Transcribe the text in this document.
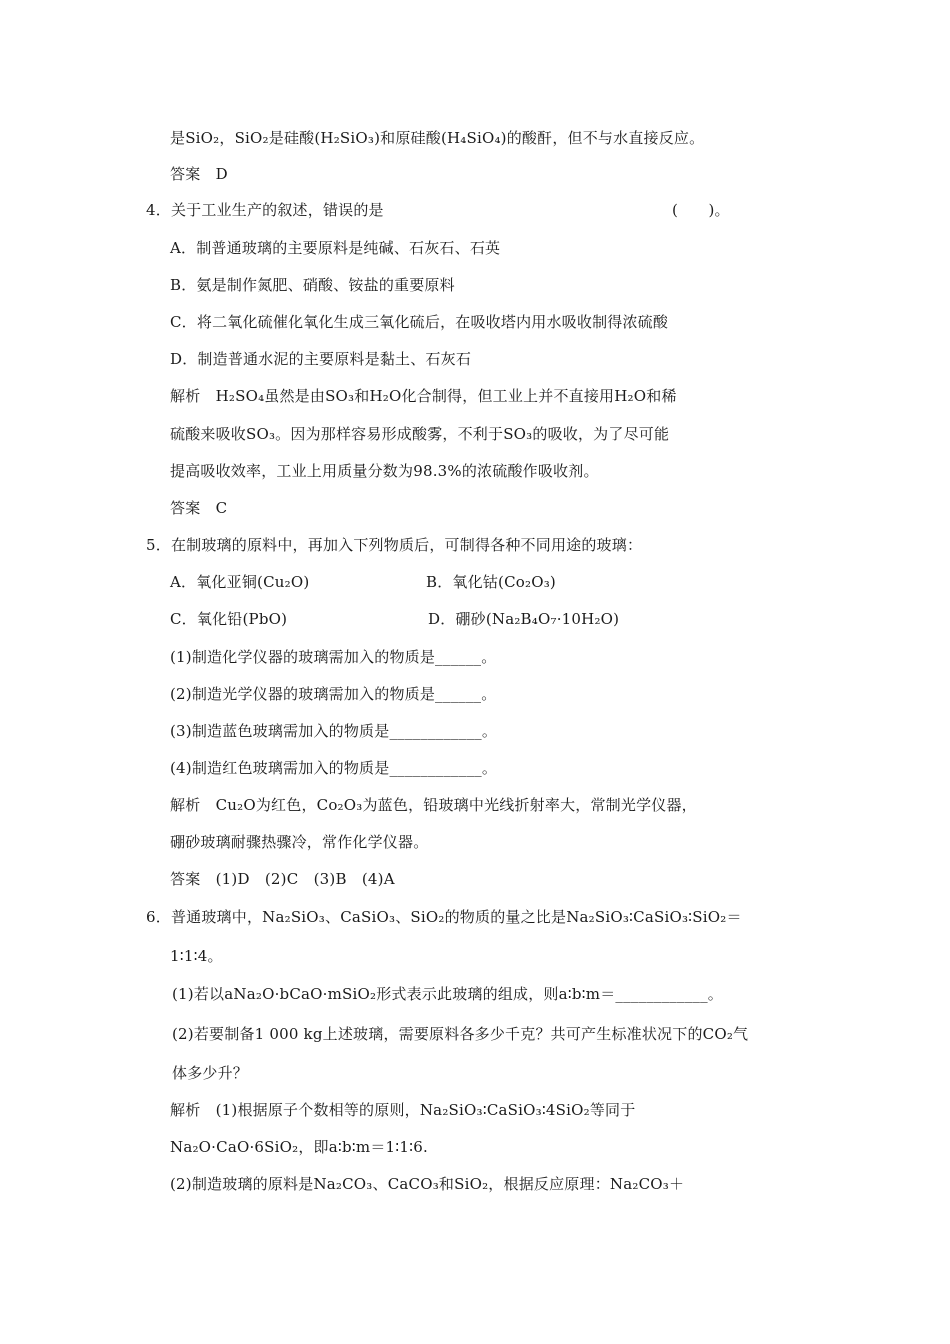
是SiO₂，SiO₂是硅酸(H₂SiO₃)和原硅酸(H₄SiO₄)的酸酐，但不与水直接反应。
答案　D
4．关于工业生产的叙述，错误的是	(　　)。
A．制普通玻璃的主要原料是纯碱、石灰石、石英
B．氨是制作氮肥、硝酸、铵盐的重要原料
C．将二氧化硫催化氧化生成三氧化硫后，在吸收塔内用水吸收制得浓硫酸
D．制造普通水泥的主要原料是黏土、石灰石
解析　H₂SO₄虽然是由SO₃和H₂O化合制得，但工业上并不直接用H₂O和稀
硫酸来吸收SO₃。因为那样容易形成酸雾，不利于SO₃的吸收，为了尽可能
提高吸收效率，工业上用质量分数为98.3%的浓硫酸作吸收剂。
答案　C
5．在制玻璃的原料中，再加入下列物质后，可制得各种不同用途的玻璃：
A．氧化亚铜(Cu₂O)	B．氧化钴(Co₂O₃)
C．氧化铅(PbO)	D．硼砂(Na₂B₄O₇·10H₂O)
(1)制造化学仪器的玻璃需加入的物质是______。
(2)制造光学仪器的玻璃需加入的物质是______。
(3)制造蓝色玻璃需加入的物质是____________。
(4)制造红色玻璃需加入的物质是____________。
解析　Cu₂O为红色，Co₂O₃为蓝色，铅玻璃中光线折射率大，常制光学仪器，
硼砂玻璃耐骤热骤冷，常作化学仪器。
答案　(1)D　(2)C　(3)B　(4)A
6．普通玻璃中，Na₂SiO₃、CaSiO₃、SiO₂的物质的量之比是Na₂SiO₃∶CaSiO₃∶SiO₂＝
1∶1∶4。
(1)若以aNa₂O·bCaO·mSiO₂形式表示此玻璃的组成，则a∶b∶m＝____________。
(2)若要制备1 000 kg上述玻璃，需要原料各多少千克？共可产生标准状况下的CO₂气
体多少升？
解析　(1)根据原子个数相等的原则，Na₂SiO₃∶CaSiO₃∶4SiO₂等同于
Na₂O·CaO·6SiO₂，即a∶b∶m＝1∶1∶6.
(2)制造玻璃的原料是Na₂CO₃、CaCO₃和SiO₂，根据反应原理：Na₂CO₃＋
